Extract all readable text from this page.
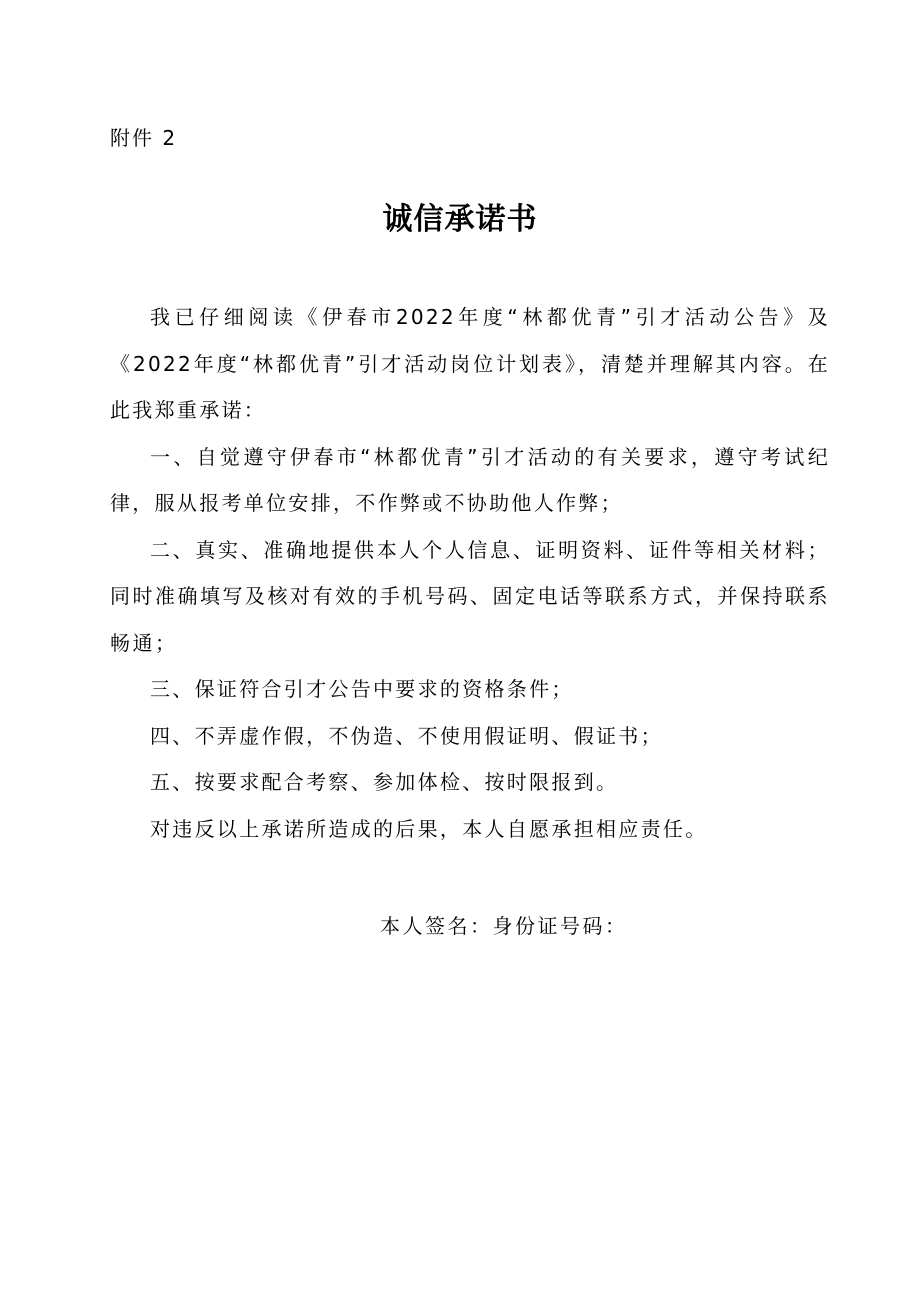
附件 2
诚信承诺书

我已仔细阅读《伊春市2022年度“林都优青”引才活动公告》及《2022年度“林都优青”引才活动岗位计划表》，清楚并理解其内容。在此我郑重承诺：

一、自觉遵守伊春市“林都优青”引才活动的有关要求，遵守考试纪律，服从报考单位安排，不作弊或不协助他人作弊；

二、真实、准确地提供本人个人信息、证明资料、证件等相关材料；同时准确填写及核对有效的手机号码、固定电话等联系方式，并保持联系畅通；

三、保证符合引才公告中要求的资格条件；

四、不弄虚作假，不伪造、不使用假证明、假证书；

五、按要求配合考察、参加体检、按时限报到。

对违反以上承诺所造成的后果，本人自愿承担相应责任。

本人签名：身份证号码：
